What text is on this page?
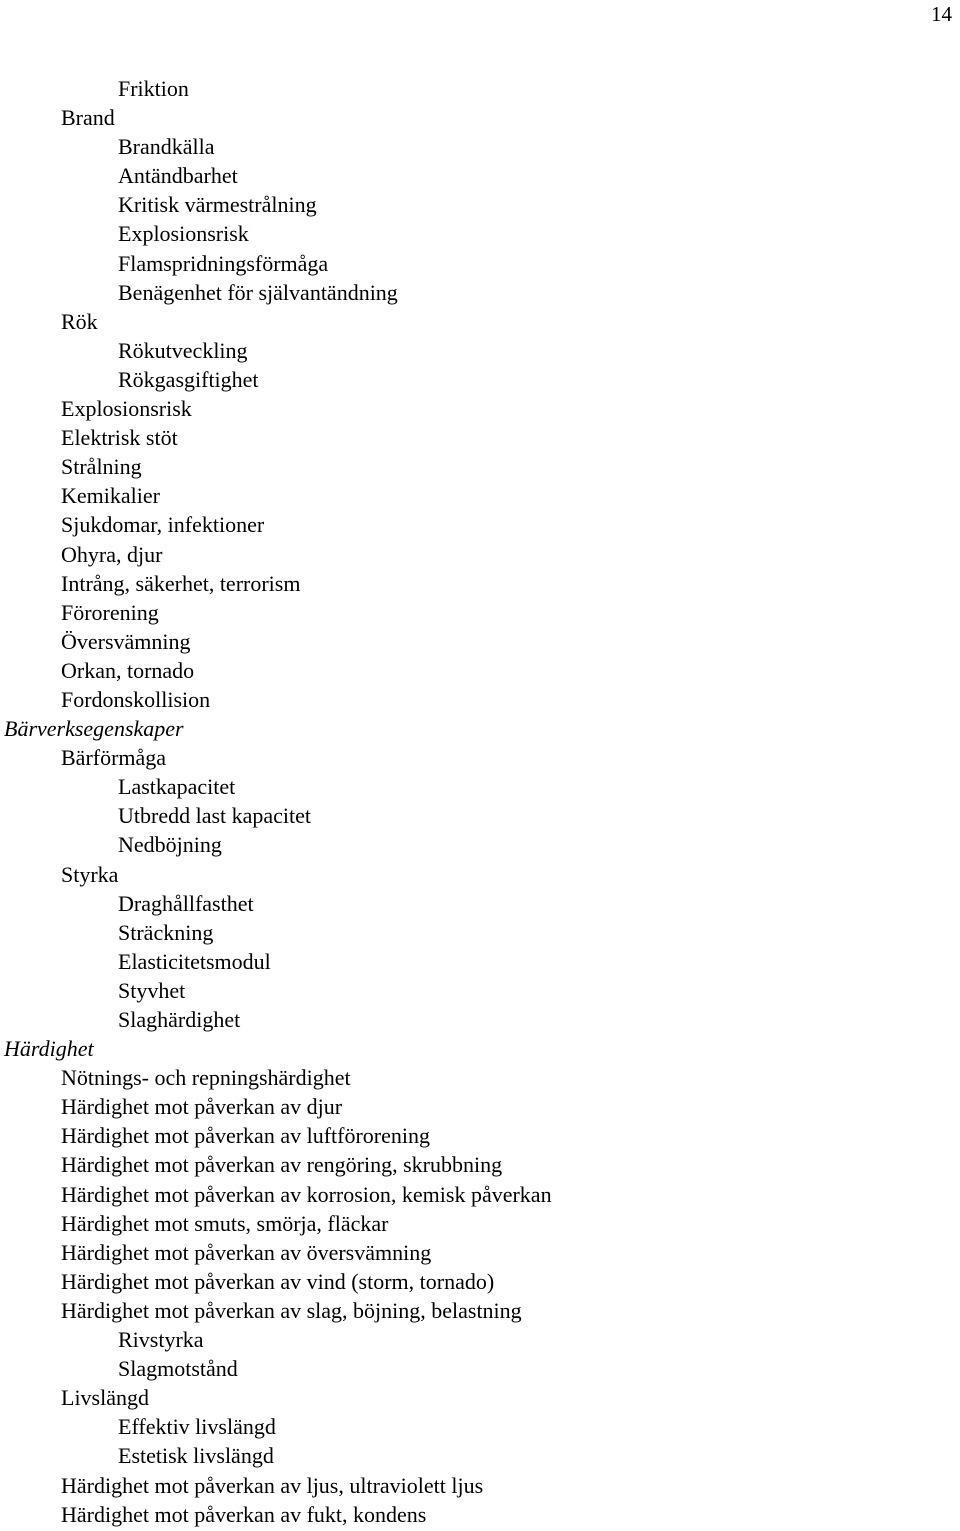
14
Friktion
Brand
Brandkälla
Antändbarhet
Kritisk värmestrålning
Explosionsrisk
Flamspridningsförmåga
Benägenhet för självantändning
Rök
Rökutveckling
Rökgasgiftighet
Explosionsrisk
Elektrisk stöt
Strålning
Kemikalier
Sjukdomar, infektioner
Ohyra, djur
Intrång, säkerhet, terrorism
Förorening
Översvämning
Orkan, tornado
Fordonskollision
Bärverksegenskaper
Bärförmåga
Lastkapacitet
Utbredd last kapacitet
Nedböjning
Styrka
Draghållfasthet
Sträckning
Elasticitetsmodul
Styvhet
Slaghärdighet
Härdighet
Nötnings- och repningshärdighet
Härdighet mot påverkan av djur
Härdighet mot påverkan av luftförorening
Härdighet mot påverkan av rengöring, skrubbning
Härdighet mot påverkan av korrosion, kemisk påverkan
Härdighet mot smuts, smörja, fläckar
Härdighet mot påverkan av översvämning
Härdighet mot påverkan av vind (storm, tornado)
Härdighet mot påverkan av slag, böjning, belastning
Rivstyrka
Slagmotstånd
Livslängd
Effektiv livslängd
Estetisk livslängd
Härdighet mot påverkan av ljus, ultraviolett ljus
Härdighet mot påverkan av fukt, kondens
